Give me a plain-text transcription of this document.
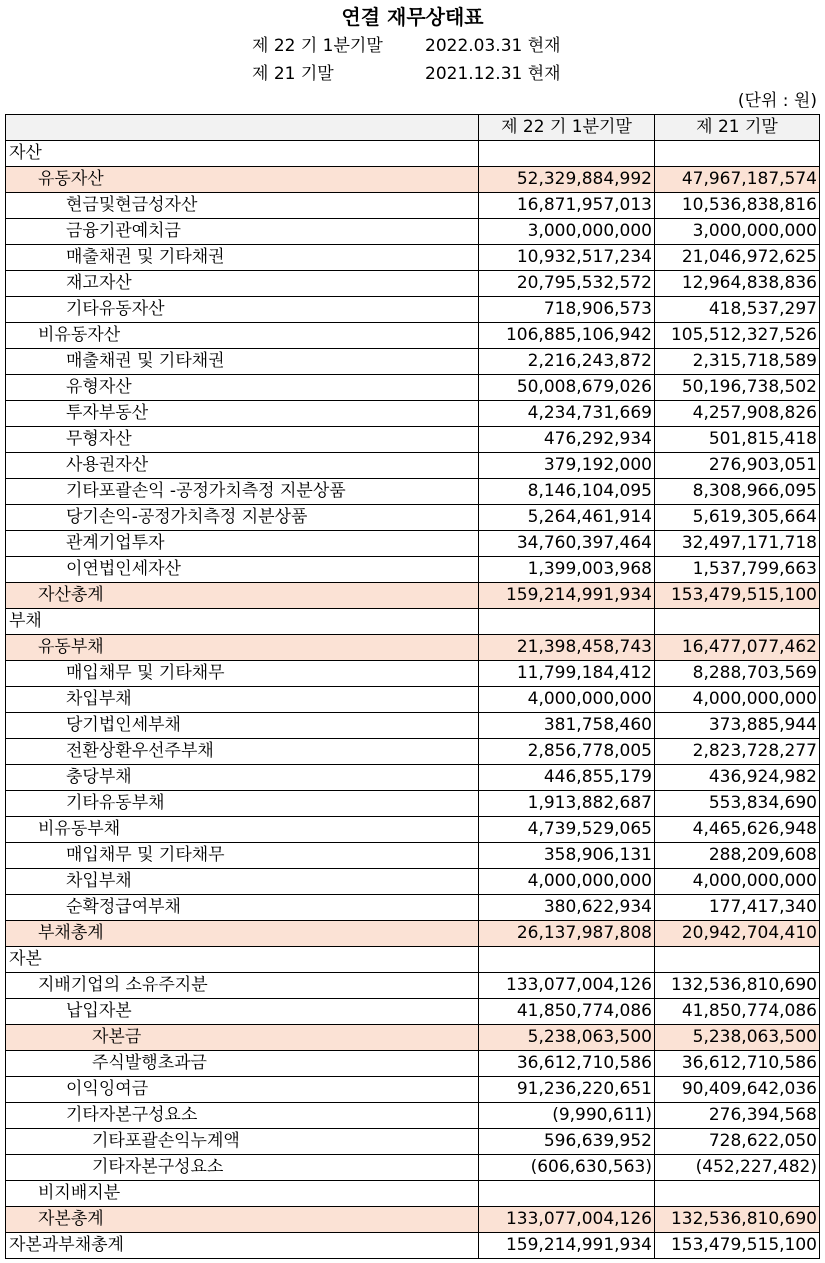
연결 재무상태표
제 22 기 1분기말 2022.03.31 현재
제 21 기말	2021.12.31 현재
(단위 : 원)
	제 22 기 1분기말	제 21 기말
자산		
유동자산	52,329,884,992	47,967,187,574
현금및현금성자산	16,871,957,013	10,536,838,816
금융기관예치금	3,000,000,000	3,000,000,000
매출채권 및 기타채권	10,932,517,234	21,046,972,625
재고자산	20,795,532,572	12,964,838,836
기타유동자산	718,906,573	418,537,297
비유동자산	106,885,106,942	105,512,327,526
매출채권 및 기타채권	2,216,243,872	2,315,718,589
유형자산	50,008,679,026	50,196,738,502
투자부동산	4,234,731,669	4,257,908,826
무형자산	476,292,934	501,815,418
사용권자산	379,192,000	276,903,051
기타포괄손익 -공정가치측정 지분상품	8,146,104,095	8,308,966,095
당기손익-공정가치측정 지분상품	5,264,461,914	5,619,305,664
관계기업투자	34,760,397,464	32,497,171,718
이연법인세자산	1,399,003,968	1,537,799,663
자산총계	159,214,991,934	153,479,515,100
부채		
유동부채	21,398,458,743	16,477,077,462
매입채무 및 기타채무	11,799,184,412	8,288,703,569
차입부채	4,000,000,000	4,000,000,000
당기법인세부채	381,758,460	373,885,944
전환상환우선주부채	2,856,778,005	2,823,728,277
충당부채	446,855,179	436,924,982
기타유동부채	1,913,882,687	553,834,690
비유동부채	4,739,529,065	4,465,626,948
매입채무 및 기타채무	358,906,131	288,209,608
차입부채	4,000,000,000	4,000,000,000
순확정급여부채	380,622,934	177,417,340
부채총계	26,137,987,808	20,942,704,410
자본		
지배기업의 소유주지분	133,077,004,126	132,536,810,690
납입자본	41,850,774,086	41,850,774,086
자본금	5,238,063,500	5,238,063,500
주식발행초과금	36,612,710,586	36,612,710,586
이익잉여금	91,236,220,651	90,409,642,036
기타자본구성요소	(9,990,611)	276,394,568
기타포괄손익누계액	596,639,952	728,622,050
기타자본구성요소	(606,630,563)	(452,227,482)
비지배지분		
자본총계	133,077,004,126	132,536,810,690
자본과부채총계	159,214,991,934	153,479,515,100
